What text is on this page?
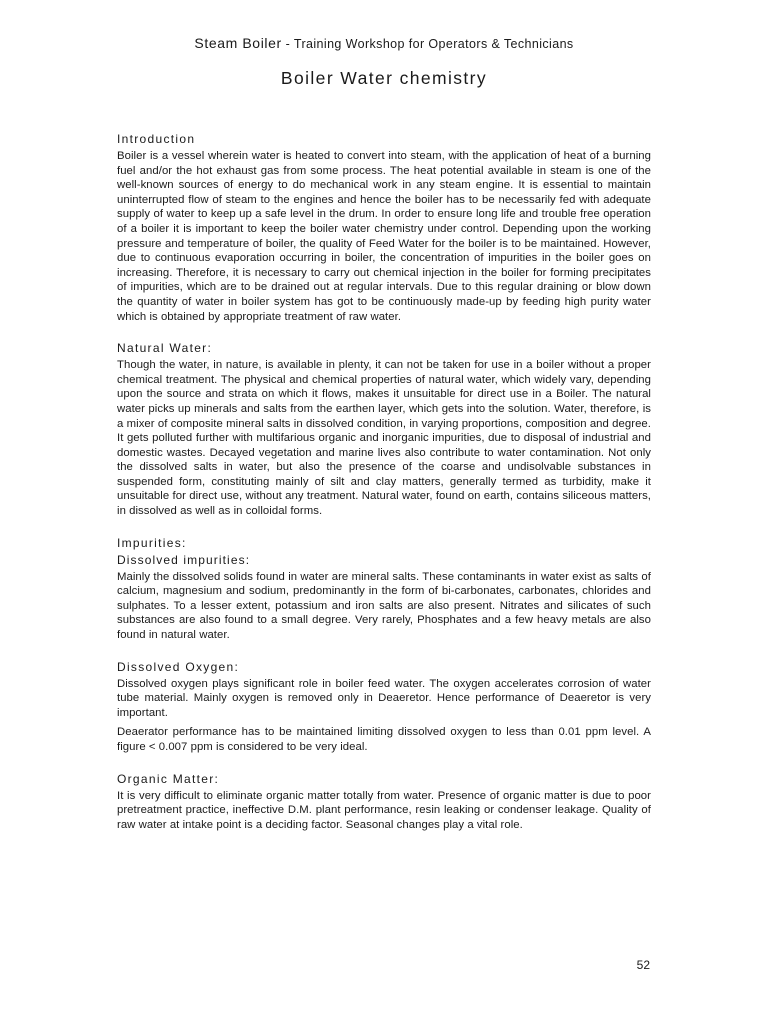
Steam Boiler - Training Workshop for Operators & Technicians
Boiler Water chemistry
Introduction

Boiler is a vessel wherein water is heated to convert into steam, with the application of heat of a burning fuel and/or the hot exhaust gas from some process. The heat potential available in steam is one of the well-known sources of energy to do mechanical work in any steam engine. It is essential to maintain uninterrupted flow of steam to the engines and hence the boiler has to be necessarily fed with adequate supply of water to keep up a safe level in the drum. In order to ensure long life and trouble free operation of a boiler it is important to keep the boiler water chemistry under control. Depending upon the working pressure and temperature of boiler, the quality of Feed Water for the boiler is to be maintained. However, due to continuous evaporation occurring in boiler, the concentration of impurities in the boiler goes on increasing. Therefore, it is necessary to carry out chemical injection in the boiler for forming precipitates of impurities, which are to be drained out at regular intervals. Due to this regular draining or blow down the quantity of water in boiler system has got to be continuously made-up by feeding high purity water which is obtained by appropriate treatment of raw water.

Natural Water:

Though the water, in nature, is available in plenty, it can not be taken for use in a boiler without a proper chemical treatment. The physical and chemical properties of natural water, which widely vary, depending upon the source and strata on which it flows, makes it unsuitable for direct use in a Boiler. The natural water picks up minerals and salts from the earthen layer, which gets into the solution. Water, therefore, is a mixer of composite mineral salts in dissolved condition, in varying proportions, composition and degree. It gets polluted further with multifarious organic and inorganic impurities, due to disposal of industrial and domestic wastes. Decayed vegetation and marine lives also contribute to water contamination. Not only the dissolved salts in water, but also the presence of the coarse and undisolvable substances in suspended form, constituting mainly of silt and clay matters, generally termed as turbidity, make it unsuitable for direct use, without any treatment. Natural water, found on earth, contains siliceous matters, in dissolved as well as in colloidal forms.

Impurities:
Dissolved impurities:

Mainly the dissolved solids found in water are mineral salts. These contaminants in water exist as salts of calcium, magnesium and sodium, predominantly in the form of bi-carbonates, carbonates, chlorides and sulphates. To a lesser extent, potassium and iron salts are also present. Nitrates and silicates of such substances are also found to a small degree. Very rarely, Phosphates and a few heavy metals are also found in natural water.

Dissolved Oxygen:

Dissolved oxygen plays significant role in boiler feed water. The oxygen accelerates corrosion of water tube material. Mainly oxygen is removed only in Deaeretor. Hence performance of Deaeretor is very important.

Deaerator performance has to be maintained limiting dissolved oxygen to less than 0.01 ppm level. A figure < 0.007 ppm is considered to be very ideal.

Organic Matter:

It is very difficult to eliminate organic matter totally from water. Presence of organic matter is due to poor pretreatment practice, ineffective D.M. plant performance, resin leaking or condenser leakage. Quality of raw water at intake point is a deciding factor. Seasonal changes play a vital role.

52
